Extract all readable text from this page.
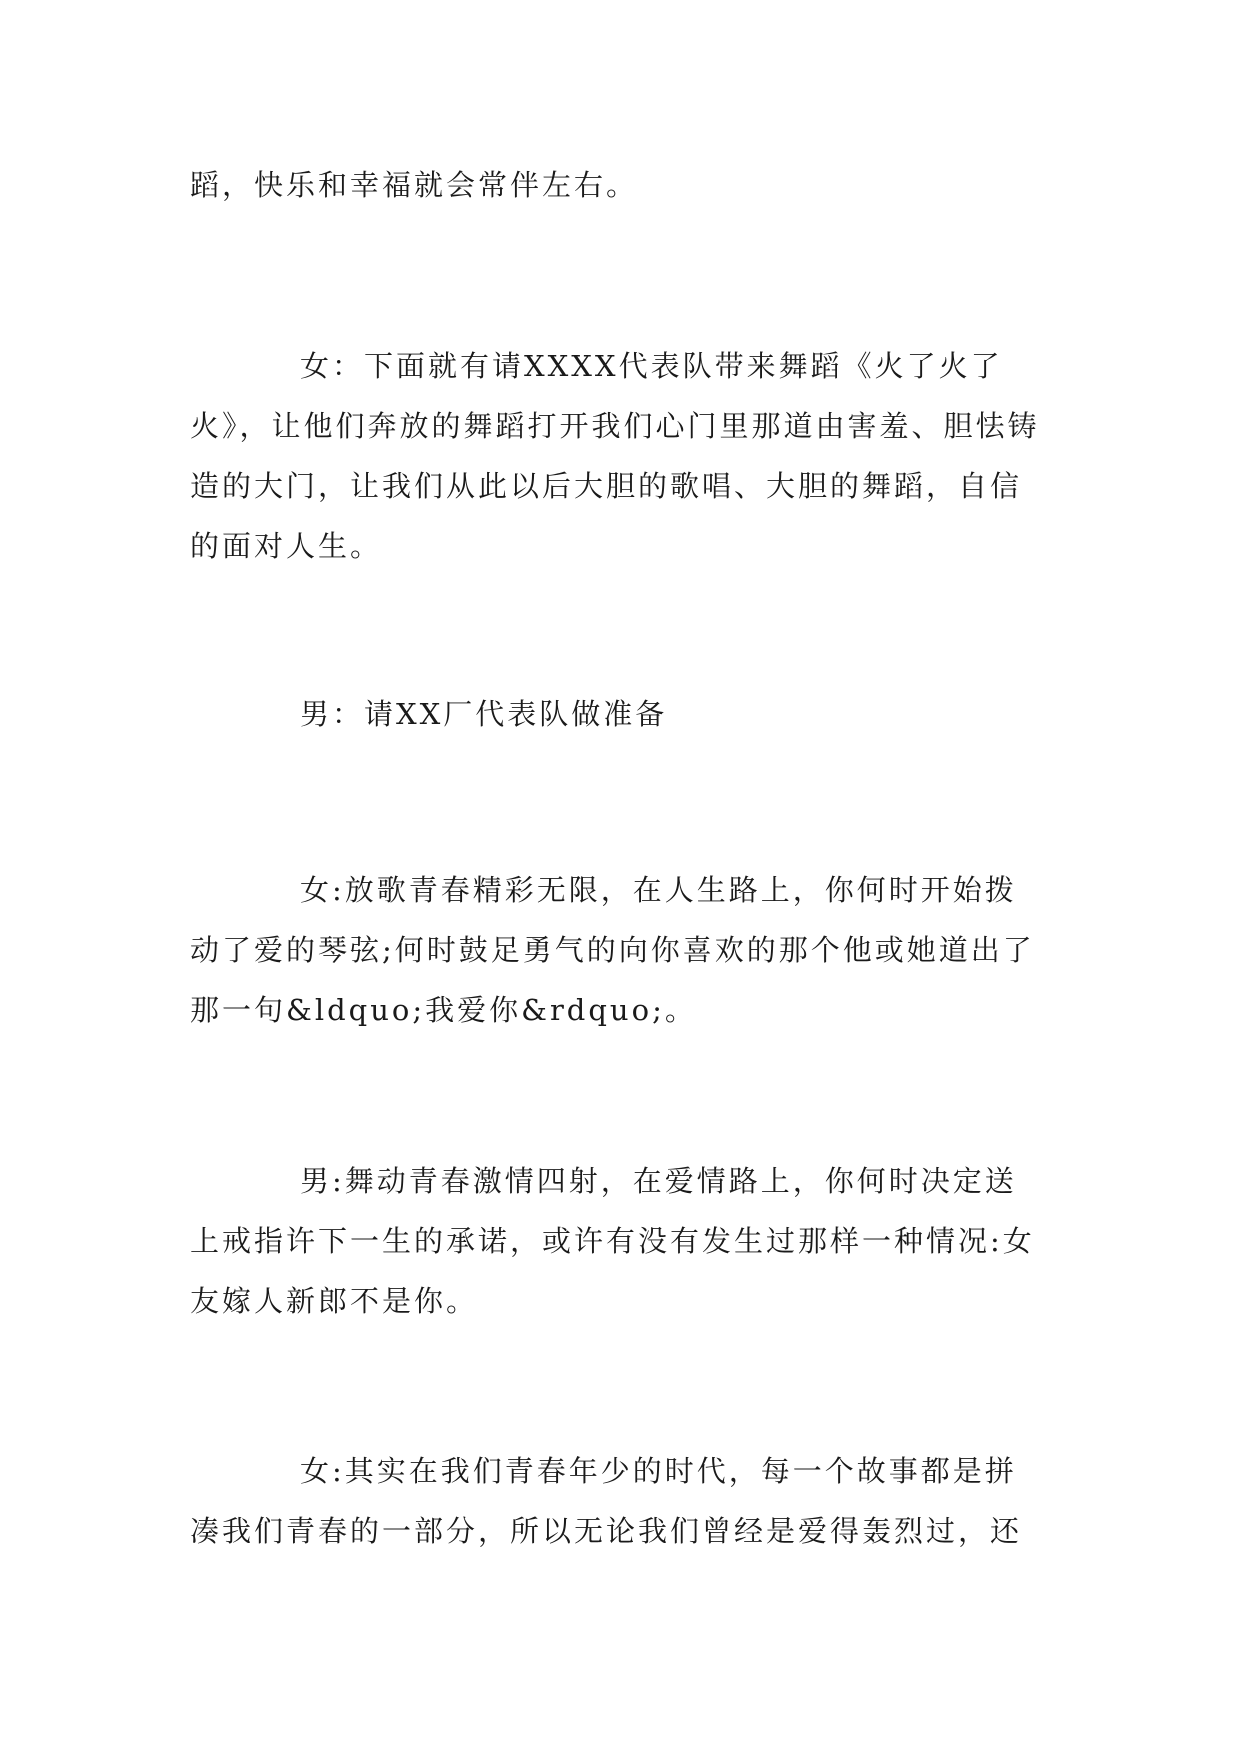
蹈，快乐和幸福就会常伴左右。

女：下面就有请XXXX代表队带来舞蹈《火了火了火》，让他们奔放的舞蹈打开我们心门里那道由害羞、胆怯铸造的大门，让我们从此以后大胆的歌唱、大胆的舞蹈，自信的面对人生。

男：请XX厂代表队做准备

女:放歌青春精彩无限，在人生路上，你何时开始拨动了爱的琴弦;何时鼓足勇气的向你喜欢的那个他或她道出了那一句&ldquo;我爱你&rdquo;。

男:舞动青春激情四射，在爱情路上，你何时决定送上戒指许下一生的承诺，或许有没有发生过那样一种情况:女友嫁人新郎不是你。

女:其实在我们青春年少的时代，每一个故事都是拼凑我们青春的一部分，所以无论我们曾经是爱得轰烈过，还
